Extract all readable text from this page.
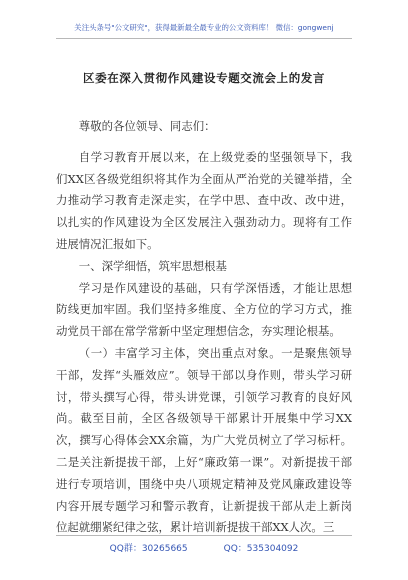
关注头条号"公文研究"，获得最新最全最专业的公文资料库！ 微信：gongwenj
区委在深入贯彻作风建设专题交流会上的发言

尊敬的各位领导、同志们：

自学习教育开展以来，在上级党委的坚强领导下，我们XX区各级党组织将其作为全面从严治党的关键举措，全力推动学习教育走深走实，在学中思、查中改、改中进，以扎实的作风建设为全区发展注入强劲动力。现将有工作进展情况汇报如下。

一、深学细悟，筑牢思想根基

学习是作风建设的基础，只有学深悟透，才能让思想防线更加牢固。我们坚持多维度、全方位的学习方式，推动党员干部在常学常新中坚定理想信念，夯实理论根基。

（一）丰富学习主体，突出重点对象。一是聚焦领导干部，发挥“头雁效应”。领导干部以身作则，带头学习研讨，带头撰写心得，带头讲党课，引领学习教育的良好风尚。截至目前，全区各级领导干部累计开展集中学习XX次，撰写心得体会XX余篇，为广大党员树立了学习标杆。二是关注新提拔干部，上好“廉政第一课”。对新提拔干部进行专项培训，围绕中央八项规定精神及党风廉政建设等内容开展专题学习和警示教育，让新提拔干部从走上新岗位起就绷紧纪律之弦，累计培训新提拔干部XX人次。三

QQ群：30265665	QQ：535304092
